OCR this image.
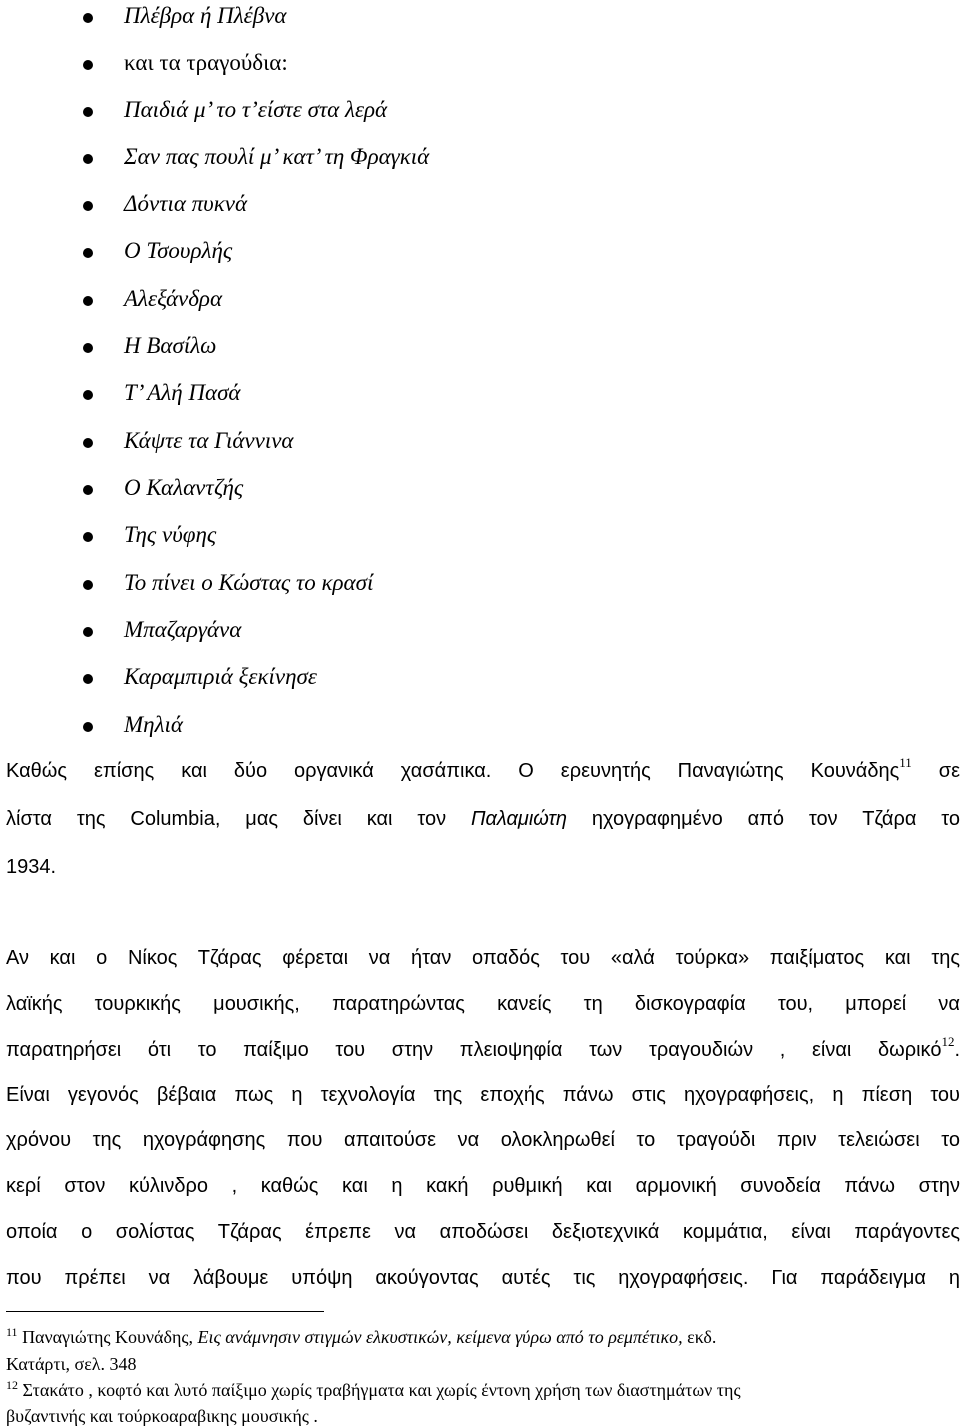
Πλέβρα ή Πλέβνα
και τα τραγούδια:
Παιδιά μ’ το τ’είστε στα λερά
Σαν πας πουλί μ’ κατ’ τη Φραγκιά
Δόντια πυκνά
Ο Τσουρλής
Αλεξάνδρα
Η Βασίλω
Τ’ Αλή Πασά
Κάψτε τα Γιάννινα
Ο Καλαντζής
Της νύφης
Το πίνει ο Κώστας το κρασί
Μπαζαργάνα
Καραμπιριά ξεκίνησε
Μηλιά
Καθώς επίσης και δύο οργανικά χασάπικα. Ο ερευνητής Παναγιώτης Κουνάδης$^{11}$ σε
λίστα της Columbia, μας δίνει και τον Παλαμιώτη ηχογραφημένο από τον Τζάρα το
1934.
Αν και ο Νίκος Τζάρας φέρεται να ήταν οπαδός του «αλά τούρκα» παιξίματος και της
λαϊκής τουρκικής μουσικής, παρατηρώντας κανείς τη δισκογραφία του, μπορεί να
παρατηρήσει ότι το παίξιμο του στην πλειοψηφία των τραγουδιών , είναι δωρικό$^{12}$.
Είναι γεγονός βέβαια πως η τεχνολογία της εποχής πάνω στις ηχογραφήσεις, η πίεση του
χρόνου της ηχογράφησης που απαιτούσε να ολοκληρωθεί το τραγούδι πριν τελειώσει το
κερί στον κύλινδρο , καθώς και η κακή ρυθμική και αρμονική συνοδεία πάνω στην
οποία ο σολίστας Τζάρας έπρεπε να αποδώσει δεξιοτεχνικά κομμάτια, είναι παράγοντες
που πρέπει να λάβουμε υπόψη ακούγοντας αυτές τις ηχογραφήσεις. Για παράδειγμα η
$^{11}$ Παναγιώτης Κουνάδης, Εις ανάμνησιν στιγμών ελκυστικών, κείμενα γύρω από το ρεμπέτικο, εκδ.
Κατάρτι, σελ. 348
$^{12}$ Στακάτο , κοφτό και λυτό παίξιμο χωρίς τραβήγματα και χωρίς έντονη χρήση των διαστημάτων της
βυζαντινής και τούρκοαραβικης μουσικής .
